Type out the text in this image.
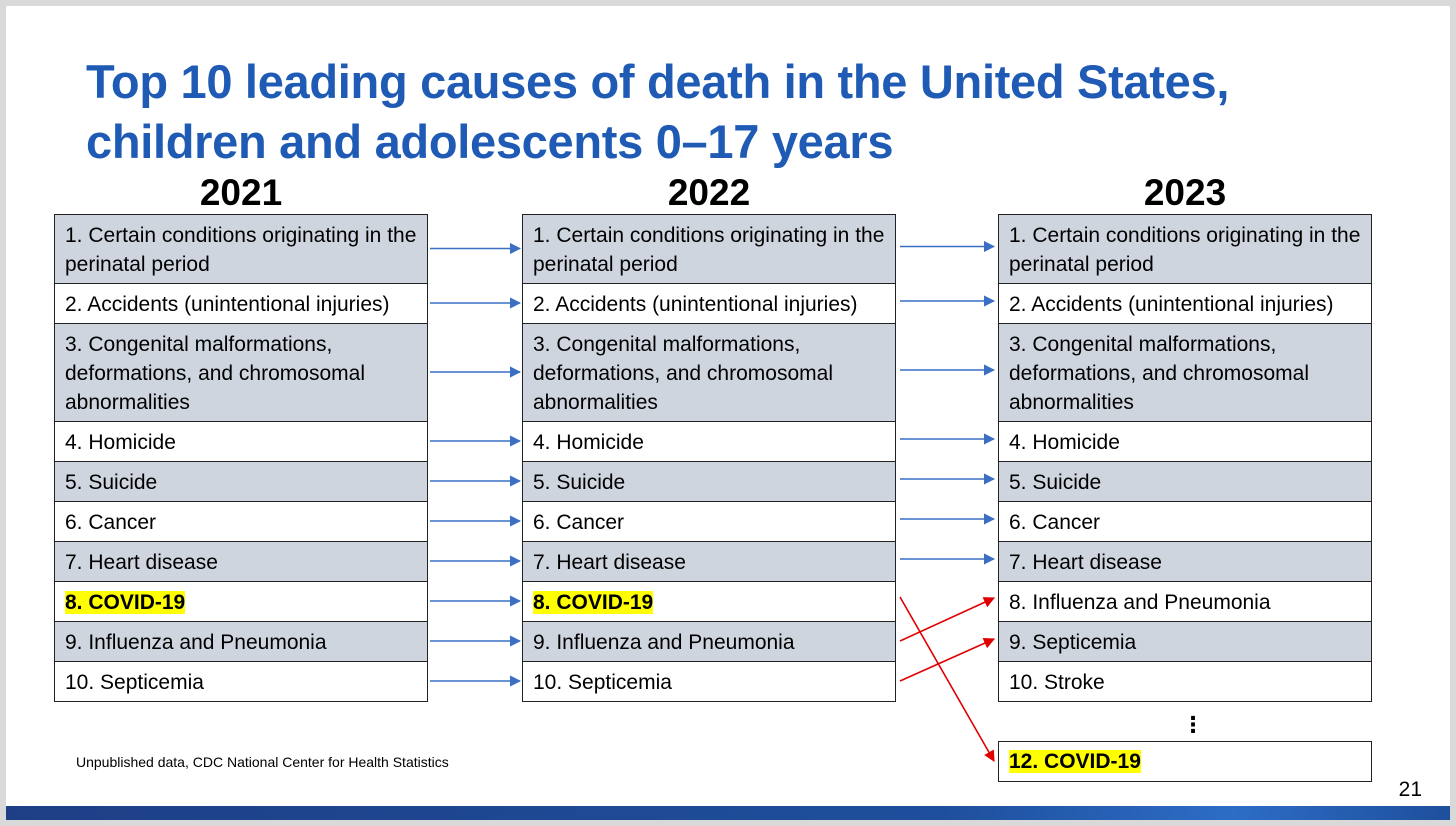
Top 10 leading causes of death in the United States,
children and adolescents 0–17 years
2021	2022	2023
1. Certain conditions originating in the perinatal period
2. Accidents (unintentional injuries)
3. Congenital malformations, deformations, and chromosomal abnormalities
4. Homicide
5. Suicide
6. Cancer
7. Heart disease
8. COVID-19
9. Influenza and Pneumonia
10. Septicemia
1. Certain conditions originating in the perinatal period
2. Accidents (unintentional injuries)
3. Congenital malformations, deformations, and chromosomal abnormalities
4. Homicide
5. Suicide
6. Cancer
7. Heart disease
8. COVID-19
9. Influenza and Pneumonia
10. Septicemia
1. Certain conditions originating in the perinatal period
2. Accidents (unintentional injuries)
3. Congenital malformations, deformations, and chromosomal abnormalities
4. Homicide
5. Suicide
6. Cancer
7. Heart disease
8. Influenza and Pneumonia
9. Septicemia
10. Stroke
⋮
12. COVID-19
Unpublished data, CDC National Center for Health Statistics
21
